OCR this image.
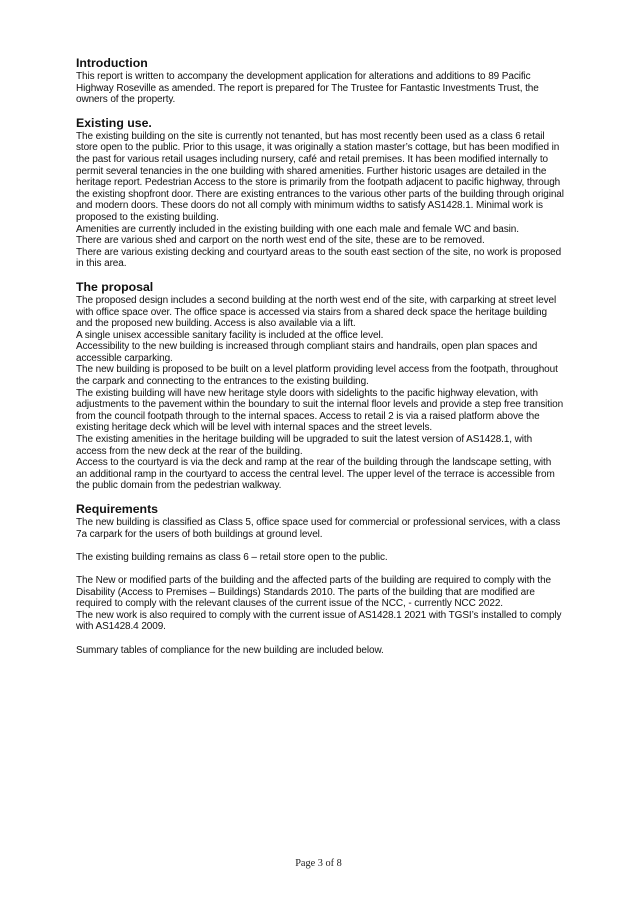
Introduction

This report is written to accompany the development application for alterations and additions to 89 Pacific Highway Roseville as amended. The report is prepared for The Trustee for Fantastic Investments Trust, the owners of the property.

Existing use.

The existing building on the site is currently not tenanted, but has most recently been used as a class 6 retail store open to the public. Prior to this usage, it was originally a station master’s cottage, but has been modified in the past for various retail usages including nursery, café and retail premises. It has been modified internally to permit several tenancies in the one building with shared amenities. Further historic usages are detailed in the heritage report. Pedestrian Access to the store is primarily from the footpath adjacent to pacific highway, through the existing shopfront door. There are existing entrances to the various other parts of the building through original and modern doors. These doors do not all comply with minimum widths to satisfy AS1428.1. Minimal work is proposed to the existing building.

Amenities are currently included in the existing building with one each male and female WC and basin.

There are various shed and carport on the north west end of the site, these are to be removed.

There are various existing decking and courtyard areas to the south east section of the site, no work is proposed in this area.

The proposal

The proposed design includes a second building at the north west end of the site, with carparking at street level with office space over. The office space is accessed via stairs from a shared deck space the heritage building and the proposed new building. Access is also available via a lift.

A single unisex accessible sanitary facility is included at the office level.

Accessibility to the new building is increased through compliant stairs and handrails, open plan spaces and accessible carparking.

The new building is proposed to be built on a level platform providing level access from the footpath, throughout the carpark and connecting to the entrances to the existing building.

The existing building will have new heritage style doors with sidelights to the pacific highway elevation, with adjustments to the pavement within the boundary to suit the internal floor levels and provide a step free transition from the council footpath through to the internal spaces. Access to retail 2 is via a raised platform above the existing heritage deck which will be level with internal spaces and the street levels.

The existing amenities in the heritage building will be upgraded to suit the latest version of AS1428.1, with access from the new deck at the rear of the building.

Access to the courtyard is via the deck and ramp at the rear of the building through the landscape setting, with an additional ramp in the courtyard to access the central level. The upper level of the terrace is accessible from the public domain from the pedestrian walkway.

Requirements

The new building is classified as Class 5, office space used for commercial or professional services, with a class 7a carpark for the users of both buildings at ground level.

The existing building remains as class 6 – retail store open to the public.

The New or modified parts of the building and the affected parts of the building are required to comply with the Disability (Access to Premises – Buildings) Standards 2010. The parts of the building that are modified are required to comply with the relevant clauses of the current issue of the NCC, - currently NCC 2022.

The new work is also required to comply with the current issue of AS1428.1 2021 with TGSI’s installed to comply with AS1428.4 2009.

Summary tables of compliance for the new building are included below.

Page 3 of 8
